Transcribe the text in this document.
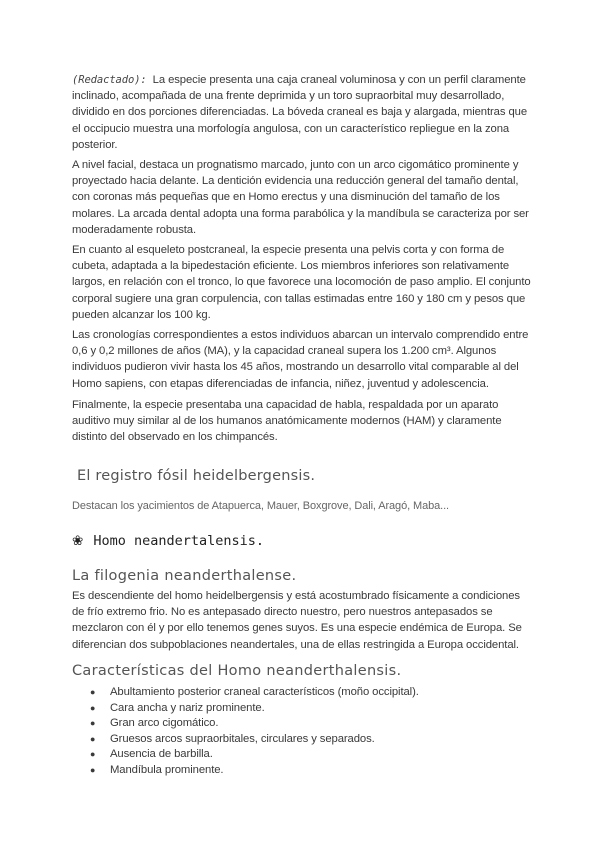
(Redactado): La especie presenta una caja craneal voluminosa y con un perfil claramente inclinado, acompañada de una frente deprimida y un toro supraorbital muy desarrollado, dividido en dos porciones diferenciadas. La bóveda craneal es baja y alargada, mientras que el occipucio muestra una morfología angulosa, con un característico repliegue en la zona posterior.

A nivel facial, destaca un prognatismo marcado, junto con un arco cigomático prominente y proyectado hacia delante. La dentición evidencia una reducción general del tamaño dental, con coronas más pequeñas que en Homo erectus y una disminución del tamaño de los molares. La arcada dental adopta una forma parabólica y la mandíbula se caracteriza por ser moderadamente robusta.

En cuanto al esqueleto postcraneal, la especie presenta una pelvis corta y con forma de cubeta, adaptada a la bipedestación eficiente. Los miembros inferiores son relativamente largos, en relación con el tronco, lo que favorece una locomoción de paso amplio. El conjunto corporal sugiere una gran corpulencia, con tallas estimadas entre 160 y 180 cm y pesos que pueden alcanzar los 100 kg.

Las cronologías correspondientes a estos individuos abarcan un intervalo comprendido entre 0,6 y 0,2 millones de años (MA), y la capacidad craneal supera los 1.200 cm³. Algunos individuos pudieron vivir hasta los 45 años, mostrando un desarrollo vital comparable al del Homo sapiens, con etapas diferenciadas de infancia, niñez, juventud y adolescencia.

Finalmente, la especie presentaba una capacidad de habla, respaldada por un aparato auditivo muy similar al de los humanos anatómicamente modernos (HAM) y claramente distinto del observado en los chimpancés.

El registro fósil heidelbergensis.
Destacan los yacimientos de Atapuerca, Mauer, Boxgrove, Dali, Aragó, Maba...
❀ Homo neandertalensis.
La filogenia neanderthalense.

Es descendiente del homo heidelbergensis y está acostumbrado físicamente a condiciones de frío extremo frio. No es antepasado directo nuestro, pero nuestros antepasados se mezclaron con él y por ello tenemos genes suyos. Es una especie endémica de Europa. Se diferencian dos subpoblaciones neandertales, una de ellas restringida a Europa occidental.

Características del Homo neanderthalensis.
● Abultamiento posterior craneal característicos (moño occipital).
● Cara ancha y nariz prominente.
● Gran arco cigomático.
● Gruesos arcos supraorbitales, circulares y separados.
● Ausencia de barbilla.
● Mandíbula prominente.
